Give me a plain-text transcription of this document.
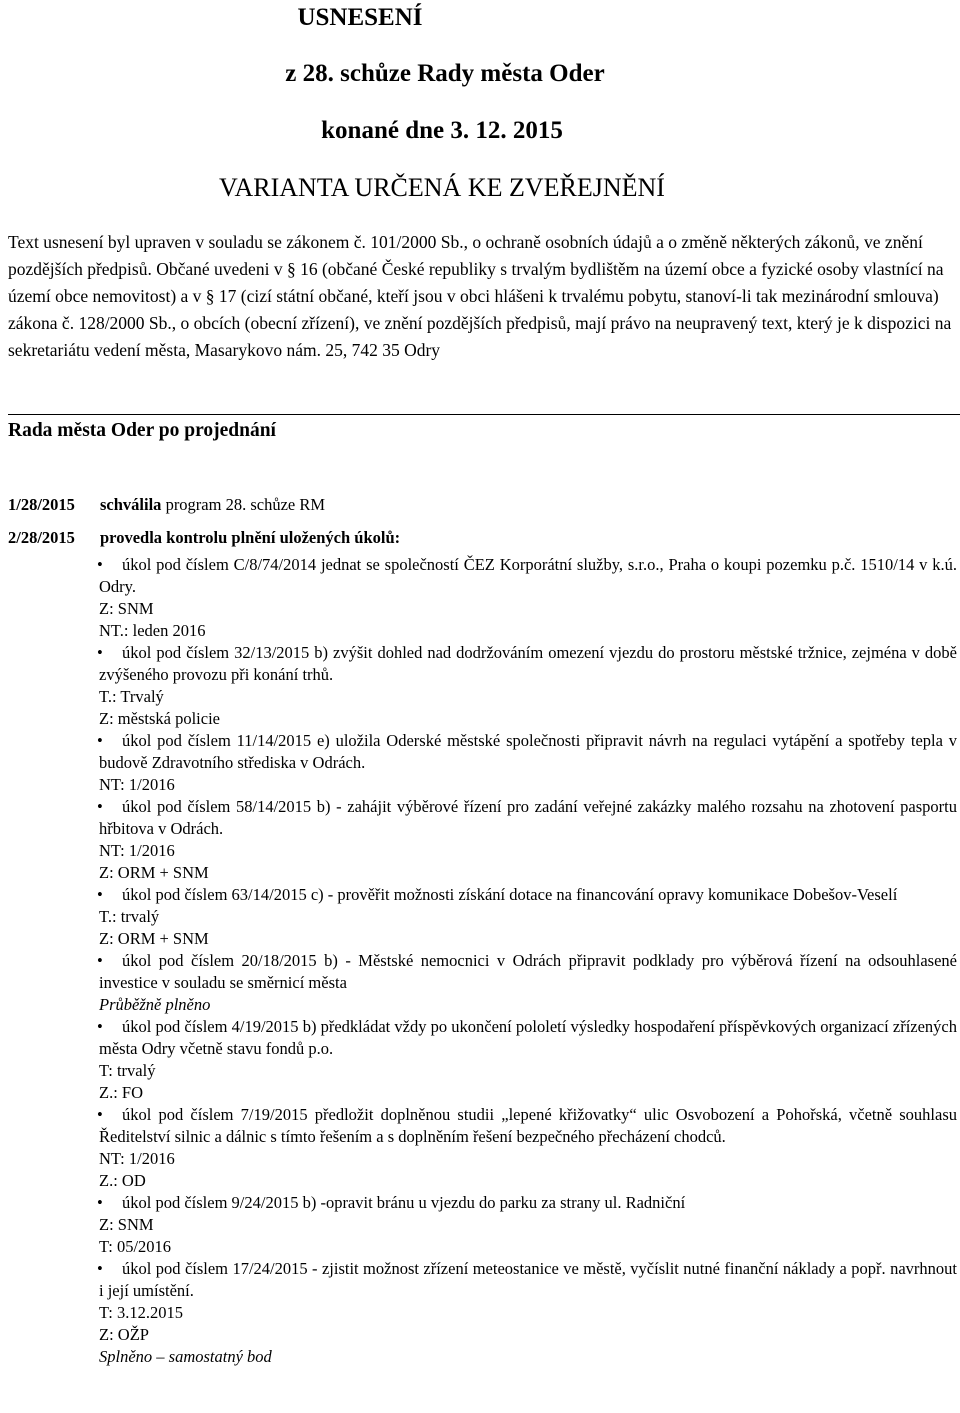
USNESENÍ
z 28. schůze Rady města Oder
konané dne 3. 12. 2015
VARIANTA URČENÁ KE ZVEŘEJNĚNÍ

Text usnesení byl upraven v souladu se zákonem č. 101/2000 Sb., o ochraně osobních údajů a o změně některých zákonů, ve znění pozdějších předpisů. Občané uvedeni v § 16 (občané České republiky s trvalým bydlištěm na území obce a fyzické osoby vlastnící na území obce nemovitost) a v § 17 (cizí státní občané, kteří jsou v obci hlášeni k trvalému pobytu, stanoví-li tak mezinárodní smlouva) zákona č. 128/2000 Sb., o obcích (obecní zřízení), ve znění pozdějších předpisů, mají právo na neupravený text, který je k dispozici na sekretariátu vedení města, Masarykovo nám. 25, 742 35 Odry

Rada města Oder po projednání
1/28/2015 schválila program 28. schůze RM
2/28/2015 provedla kontrolu plnění uložených úkolů:
•	úkol pod číslem C/8/74/2014 jednat se společností ČEZ Korporátní služby, s.r.o., Praha o koupi pozemku p.č. 1510/14 v k.ú. Odry.

Z: SNM

NT.: leden 2016

•	úkol pod číslem 32/13/2015 b) zvýšit dohled nad dodržováním omezení vjezdu do prostoru městské tržnice, zejména v době zvýšeného provozu při konání trhů.

T.: Trvalý

Z: městská policie

•	úkol pod číslem 11/14/2015 e) uložila Oderské městské společnosti připravit návrh na regulaci vytápění a spotřeby tepla v budově Zdravotního střediska v Odrách.

NT: 1/2016

•	úkol pod číslem 58/14/2015 b) - zahájit výběrové řízení pro zadání veřejné zakázky malého rozsahu na zhotovení pasportu hřbitova v Odrách.

NT: 1/2016

Z: ORM + SNM

•	úkol pod číslem 63/14/2015 c) - prověřit možnosti získání dotace na financování opravy komunikace Dobešov-Veselí

T.: trvalý

Z: ORM + SNM

•	úkol pod číslem 20/18/2015 b) - Městské nemocnici v Odrách připravit podklady pro výběrová řízení na odsouhlasené investice v souladu se směrnicí města

Průběžně plněno

•	úkol pod číslem 4/19/2015 b) předkládat vždy po ukončení pololetí výsledky hospodaření příspěvkových organizací zřízených města Odry včetně stavu fondů p.o.

T: trvalý

Z.: FO

•	úkol pod číslem 7/19/2015 předložit doplněnou studii „lepené křižovatky“ ulic Osvobození a Pohořská, včetně souhlasu Ředitelství silnic a dálnic s tímto řešením a s doplněním řešení bezpečného přecházení chodců.

NT: 1/2016

Z.: OD

•	úkol pod číslem 9/24/2015 b) -opravit bránu u vjezdu do parku za strany ul. Radniční

Z: SNM

T: 05/2016

•	úkol pod číslem 17/24/2015 - zjistit možnost zřízení meteostanice ve městě, vyčíslit nutné finanční náklady a popř. navrhnout i její umístění.

T: 3.12.2015

Z: OŽP

Splněno – samostatný bod
